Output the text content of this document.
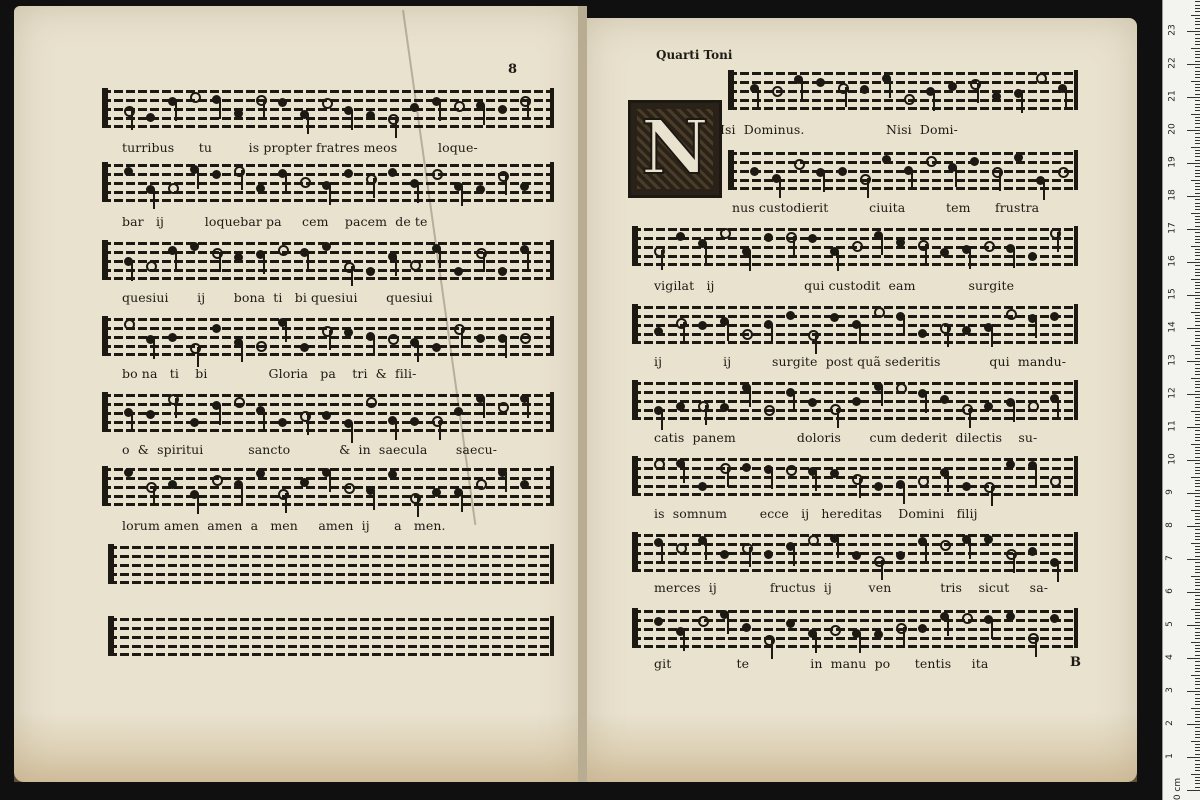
8
Quarti Toni
B
N
turribus      tu         is propter fratres meos          loque-
bar   ij          loquebar pa     cem    pacem  de te
quesiui       ij       bona  ti   bi quesiui       quesiui
bo na   ti    bi               Gloria   pa    tri  &  fili-
o  &  spiritui           sancto            &  in  saecula       saecu-
lorum amen  amen  a   men     amen  ij      a   men.
Isi  Dominus.                    Nisi  Domi-
nus custodierit          ciuita          tem      frustra
vigilat   ij                      qui custodit  eam             surgite
ij               ij          surgite  post quã sederitis            qui  mandu-
catis  panem               doloris       cum dederit  dilectis    su-
is  somnum        ecce   ij   hereditas    Domini   filij
merces  ij             fructus  ij         ven            tris    sicut     sa-
git                te               in  manu  po      tentis     ita
0 cm
1
2
3
4
5
6
7
8
9
10
11
12
13
14
15
16
17
18
19
20
21
22
23
